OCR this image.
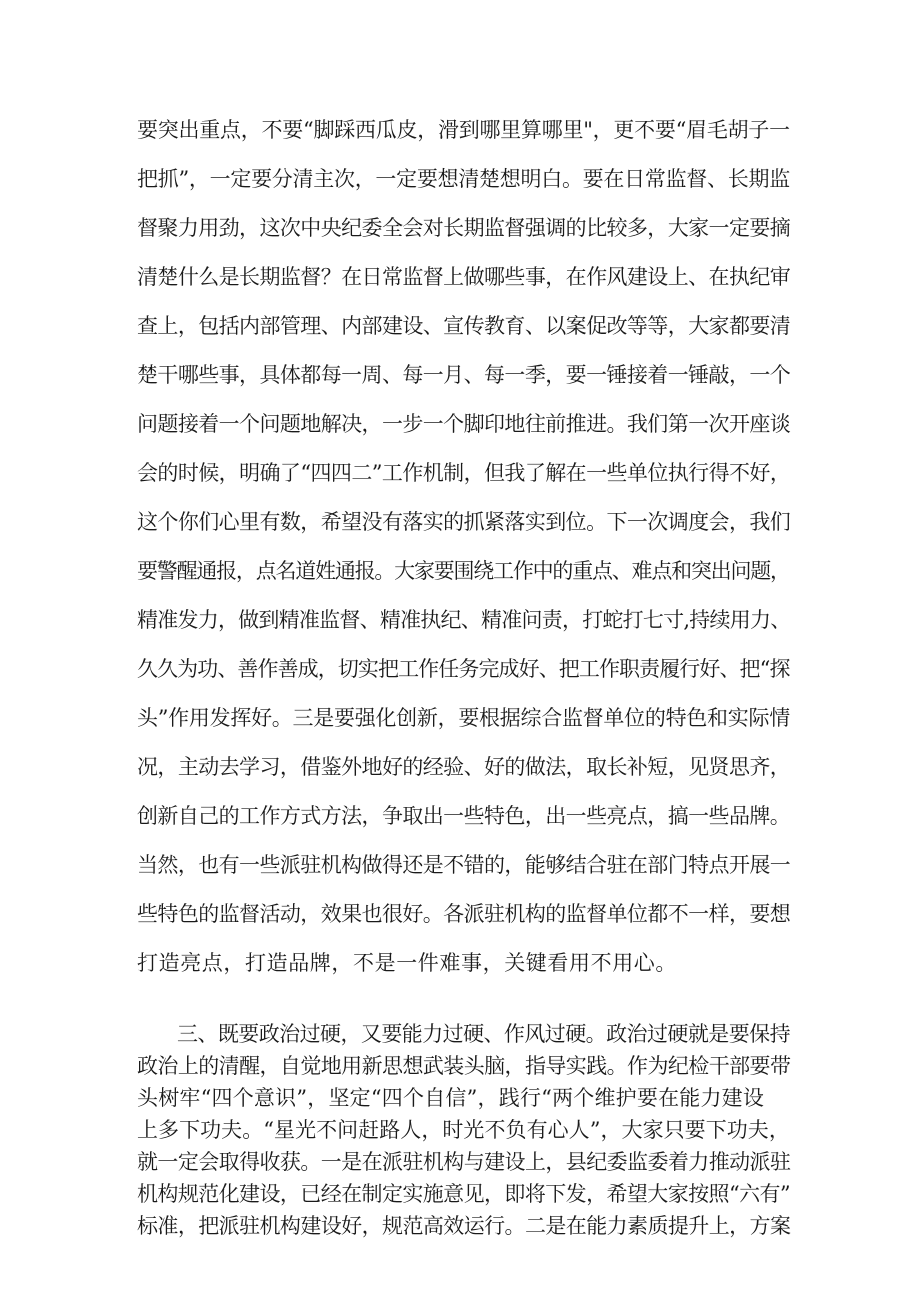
要突出重点，不要“脚踩西瓜皮，滑到哪里算哪里"，更不要“眉毛胡子一
把抓”，一定要分清主次，一定要想清楚想明白。要在日常监督、长期监
督聚力用劲，这次中央纪委全会对长期监督强调的比较多，大家一定要摘
清楚什么是长期监督？在日常监督上做哪些事，在作风建设上、在执纪审
查上，包括内部管理、内部建设、宣传教育、以案促改等等，大家都要清
楚干哪些事，具体都每一周、每一月、每一季，要一锤接着一锤敲，一个
问题接着一个问题地解决，一步一个脚印地往前推进。我们第一次开座谈
会的时候，明确了“四四二”工作机制，但我了解在一些单位执行得不好，
这个你们心里有数，希望没有落实的抓紧落实到位。下一次调度会，我们
要警醒通报，点名道姓通报。大家要围绕工作中的重点、难点和突出问题，
精准发力，做到精准监督、精准执纪、精准问责，打蛇打七寸,持续用力、
久久为功、善作善成，切实把工作任务完成好、把工作职责履行好、把“探
头”作用发挥好。三是要强化创新，要根据综合监督单位的特色和实际情
况，主动去学习，借鉴外地好的经验、好的做法，取长补短，见贤思齐，
创新自己的工作方式方法，争取出一些特色，出一些亮点，搞一些品牌。
当然，也有一些派驻机构做得还是不错的，能够结合驻在部门特点开展一
些特色的监督活动，效果也很好。各派驻机构的监督单位都不一样，要想
打造亮点，打造品牌，不是一件难事，关键看用不用心。
三、既要政治过硬，又要能力过硬、作风过硬。政治过硬就是要保持
政治上的清醒，自觉地用新思想武装头脑，指导实践。作为纪检干部要带
头树牢“四个意识”，坚定“四个自信”，践行“两个维护要在能力建设
上多下功夫。“星光不问赶路人，时光不负有心人”，大家只要下功夫，
就一定会取得收获。一是在派驻机构与建设上，县纪委监委着力推动派驻
机构规范化建设，已经在制定实施意见，即将下发，希望大家按照“六有”
标准，把派驻机构建设好，规范高效运行。二是在能力素质提升上，方案
